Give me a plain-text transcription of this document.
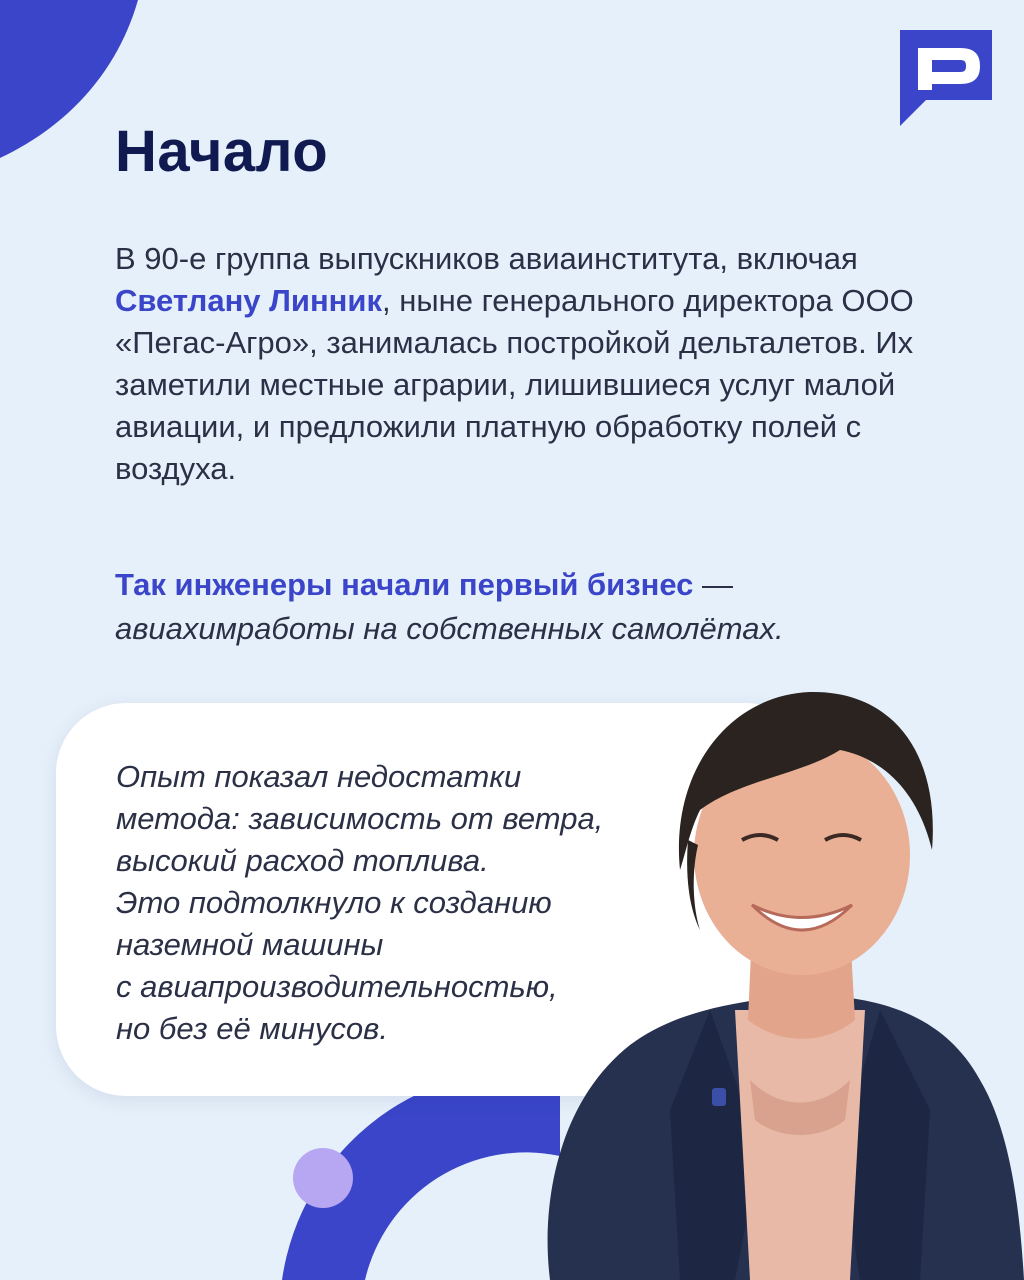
Начало
В 90-е группа выпускников авиаинститута, включая Светлану Линник, ныне генерального директора ООО «Пегас-Агро», занималась постройкой дельталетов. Их заметили местные аграрии, лишившиеся услуг малой авиации, и предложили платную обработку полей с воздуха.
Так инженеры начали первый бизнес — авиахимработы на собственных самолётах.
Опыт показал недостатки
метода: зависимость от ветра,
высокий расход топлива.
Это подтолкнуло к созданию
наземной машины
с авиапроизводительностью,
но без её минусов.
